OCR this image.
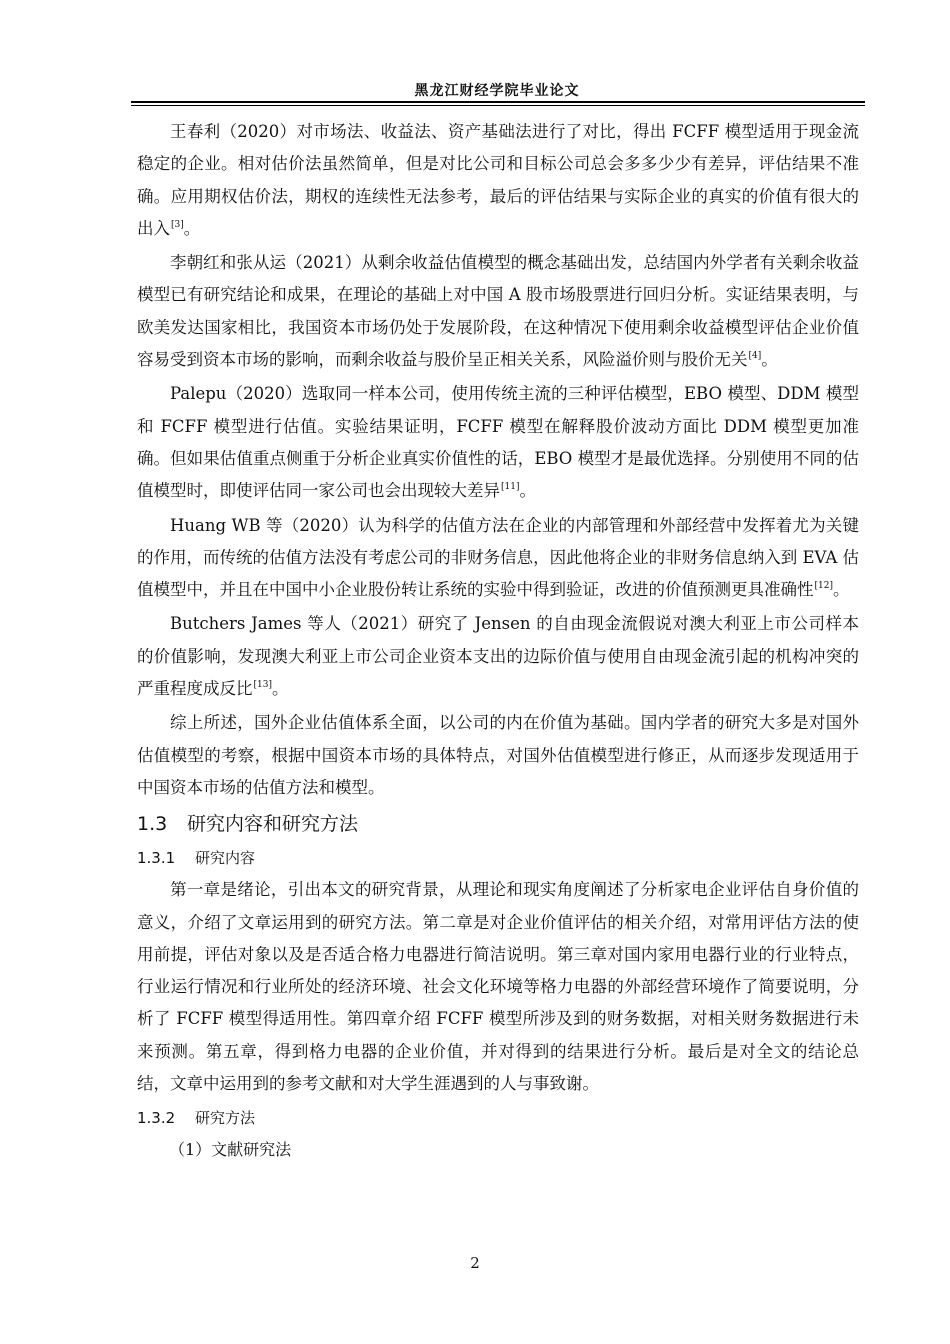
黑龙江财经学院毕业论文

王春利（2020）对市场法、收益法、资产基础法进行了对比，得出 FCFF 模型适用于现金流稳定的企业。相对估价法虽然简单，但是对比公司和目标公司总会多多少少有差异，评估结果不准确。应用期权估价法，期权的连续性无法参考，最后的评估结果与实际企业的真实的价值有很大的出入[3]。

李朝红和张从运（2021）从剩余收益估值模型的概念基础出发，总结国内外学者有关剩余收益模型已有研究结论和成果，在理论的基础上对中国 A 股市场股票进行回归分析。实证结果表明，与欧美发达国家相比，我国资本市场仍处于发展阶段，在这种情况下使用剩余收益模型评估企业价值容易受到资本市场的影响，而剩余收益与股价呈正相关关系，风险溢价则与股价无关[4]。

Palepu（2020）选取同一样本公司，使用传统主流的三种评估模型，EBO 模型、DDM 模型和 FCFF 模型进行估值。实验结果证明，FCFF 模型在解释股价波动方面比 DDM 模型更加准确。但如果估值重点侧重于分析企业真实价值性的话，EBO 模型才是最优选择。分别使用不同的估值模型时，即使评估同一家公司也会出现较大差异[11]。

Huang WB 等（2020）认为科学的估值方法在企业的内部管理和外部经营中发挥着尤为关键的作用，而传统的估值方法没有考虑公司的非财务信息，因此他将企业的非财务信息纳入到 EVA 估值模型中，并且在中国中小企业股份转让系统的实验中得到验证，改进的价值预测更具准确性[12]。

Butchers James 等人（2021）研究了 Jensen 的自由现金流假说对澳大利亚上市公司样本的价值影响，发现澳大利亚上市公司企业资本支出的边际价值与使用自由现金流引起的机构冲突的严重程度成反比[13]。

综上所述，国外企业估值体系全面，以公司的内在价值为基础。国内学者的研究大多是对国外估值模型的考察，根据中国资本市场的具体特点，对国外估值模型进行修正，从而逐步发现适用于中国资本市场的估值方法和模型。

1.3 研究内容和研究方法
1.3.1 研究内容

第一章是绪论，引出本文的研究背景，从理论和现实角度阐述了分析家电企业评估自身价值的意义，介绍了文章运用到的研究方法。第二章是对企业价值评估的相关介绍，对常用评估方法的使用前提，评估对象以及是否适合格力电器进行简洁说明。第三章对国内家用电器行业的行业特点，行业运行情况和行业所处的经济环境、社会文化环境等格力电器的外部经营环境作了简要说明，分析了 FCFF 模型得适用性。第四章介绍 FCFF 模型所涉及到的财务数据，对相关财务数据进行未来预测。第五章，得到格力电器的企业价值，并对得到的结果进行分析。最后是对全文的结论总结，文章中运用到的参考文献和对大学生涯遇到的人与事致谢。

1.3.2 研究方法

（1）文献研究法

2
